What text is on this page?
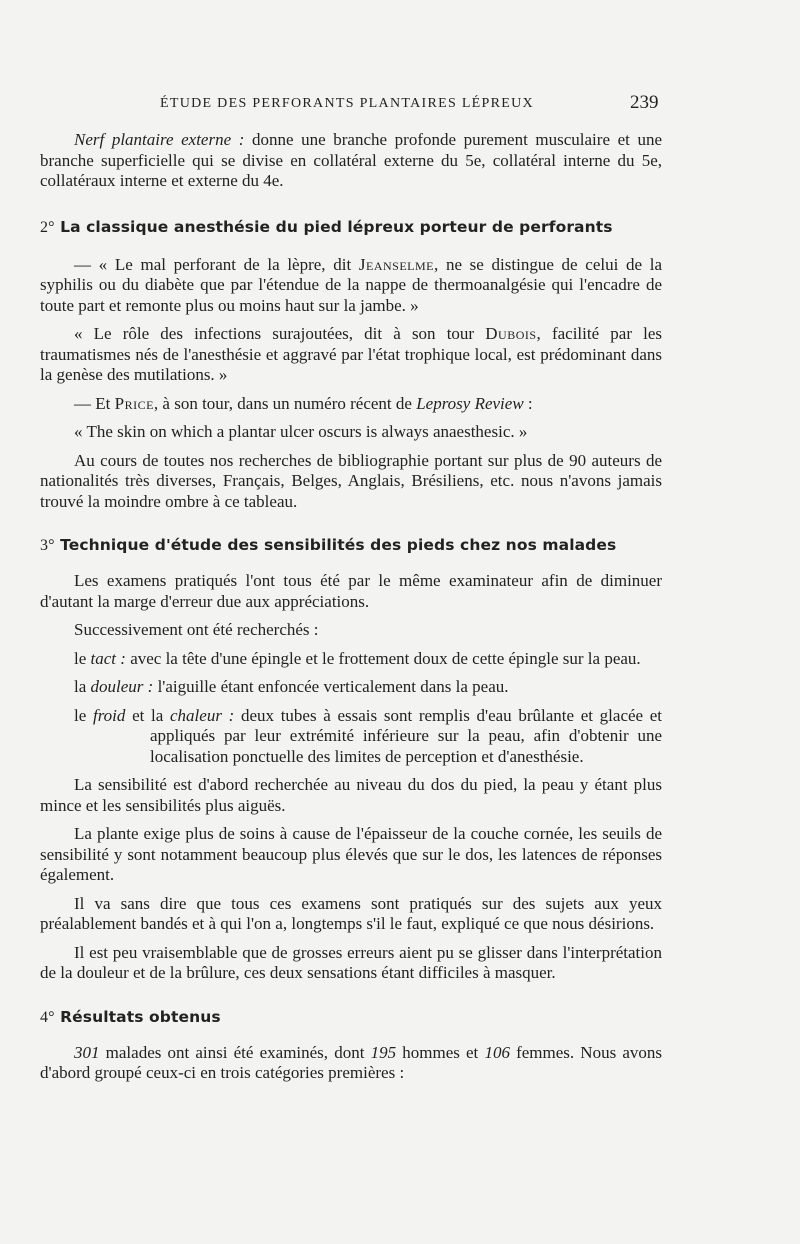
ÉTUDE DES PERFORANTS PLANTAIRES LÉPREUX	239

Nerf plantaire externe : donne une branche profonde purement musculaire et une branche superficielle qui se divise en collatéral externe du 5e, collatéral interne du 5e, collatéraux interne et externe du 4e.

2° La classique anesthésie du pied lépreux porteur de perforants

— « Le mal perforant de la lèpre, dit Jeanselme, ne se distingue de celui de la syphilis ou du diabète que par l'étendue de la nappe de thermoanalgésie qui l'encadre de toute part et remonte plus ou moins haut sur la jambe. »

« Le rôle des infections surajoutées, dit à son tour Dubois, facilité par les traumatismes nés de l'anesthésie et aggravé par l'état trophique local, est prédominant dans la genèse des mutilations. »

— Et Price, à son tour, dans un numéro récent de Leprosy Review :

« The skin on which a plantar ulcer oscurs is always anaesthesic. »

Au cours de toutes nos recherches de bibliographie portant sur plus de 90 auteurs de nationalités très diverses, Français, Belges, Anglais, Brésiliens, etc. nous n'avons jamais trouvé la moindre ombre à ce tableau.

3° Technique d'étude des sensibilités des pieds chez nos malades

Les examens pratiqués l'ont tous été par le même examinateur afin de diminuer d'autant la marge d'erreur due aux appréciations.

Successivement ont été recherchés :

le tact : avec la tête d'une épingle et le frottement doux de cette épingle sur la peau.

la douleur : l'aiguille étant enfoncée verticalement dans la peau.

le froid et la chaleur : deux tubes à essais sont remplis d'eau brûlante et glacée et appliqués par leur extrémité inférieure sur la peau, afin d'obtenir une localisation ponctuelle des limites de perception et d'anesthésie.

La sensibilité est d'abord recherchée au niveau du dos du pied, la peau y étant plus mince et les sensibilités plus aiguës.

La plante exige plus de soins à cause de l'épaisseur de la couche cornée, les seuils de sensibilité y sont notamment beaucoup plus élevés que sur le dos, les latences de réponses également.

Il va sans dire que tous ces examens sont pratiqués sur des sujets aux yeux préalablement bandés et à qui l'on a, longtemps s'il le faut, expliqué ce que nous désirions.

Il est peu vraisemblable que de grosses erreurs aient pu se glisser dans l'interprétation de la douleur et de la brûlure, ces deux sensations étant difficiles à masquer.

4° Résultats obtenus

301 malades ont ainsi été examinés, dont 195 hommes et 106 femmes. Nous avons d'abord groupé ceux-ci en trois catégories premières :
